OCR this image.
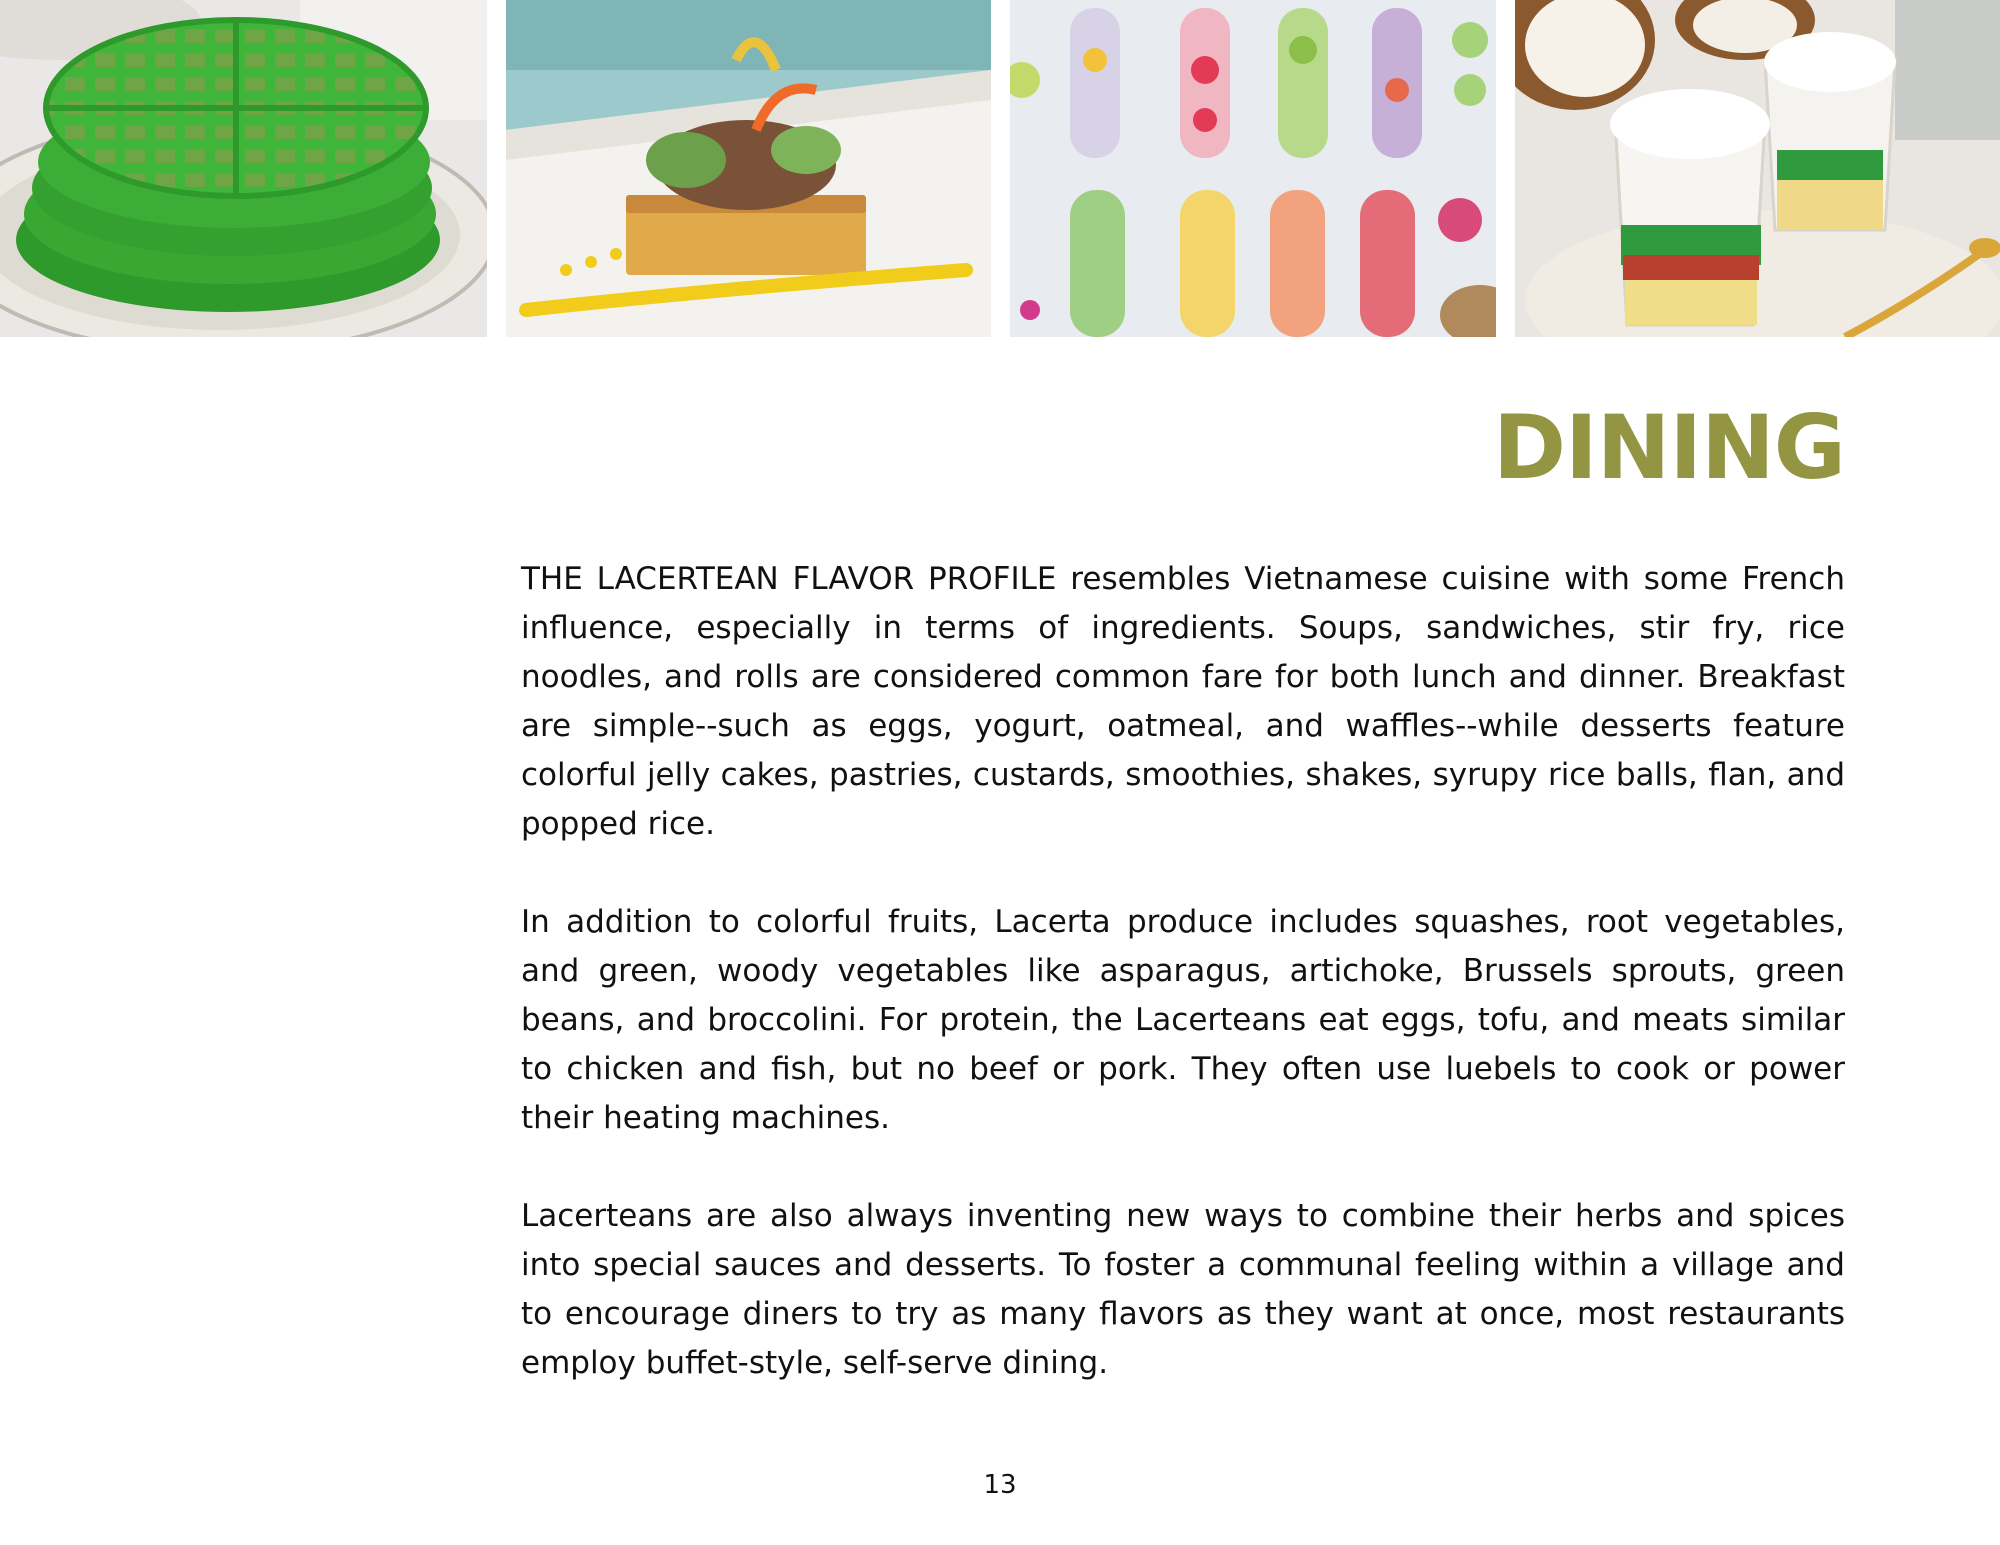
DINING

THE LACERTEAN FLAVOR PROFILE resembles Vietnamese cuisine with some French influence, especially in terms of ingredients. Soups, sandwiches, stir fry, rice noodles, and rolls are considered common fare for both lunch and dinner. Breakfast are simple--such as eggs, yogurt, oatmeal, and waffles--while desserts feature colorful jelly cakes, pastries, custards, smoothies, shakes, syrupy rice balls, flan, and popped rice.

In addition to colorful fruits, Lacerta produce includes squashes, root vegetables, and green, woody vegetables like asparagus, artichoke, Brussels sprouts, green beans, and broccolini. For protein, the Lacerteans eat eggs, tofu, and meats similar to chicken and fish, but no beef or pork. They often use luebels to cook or power their heating machines.

Lacerteans are also always inventing new ways to combine their herbs and spices into special sauces and desserts. To foster a communal feeling within a village and to encourage diners to try as many flavors as they want at once, most restaurants employ buffet-style, self-serve dining.

13
